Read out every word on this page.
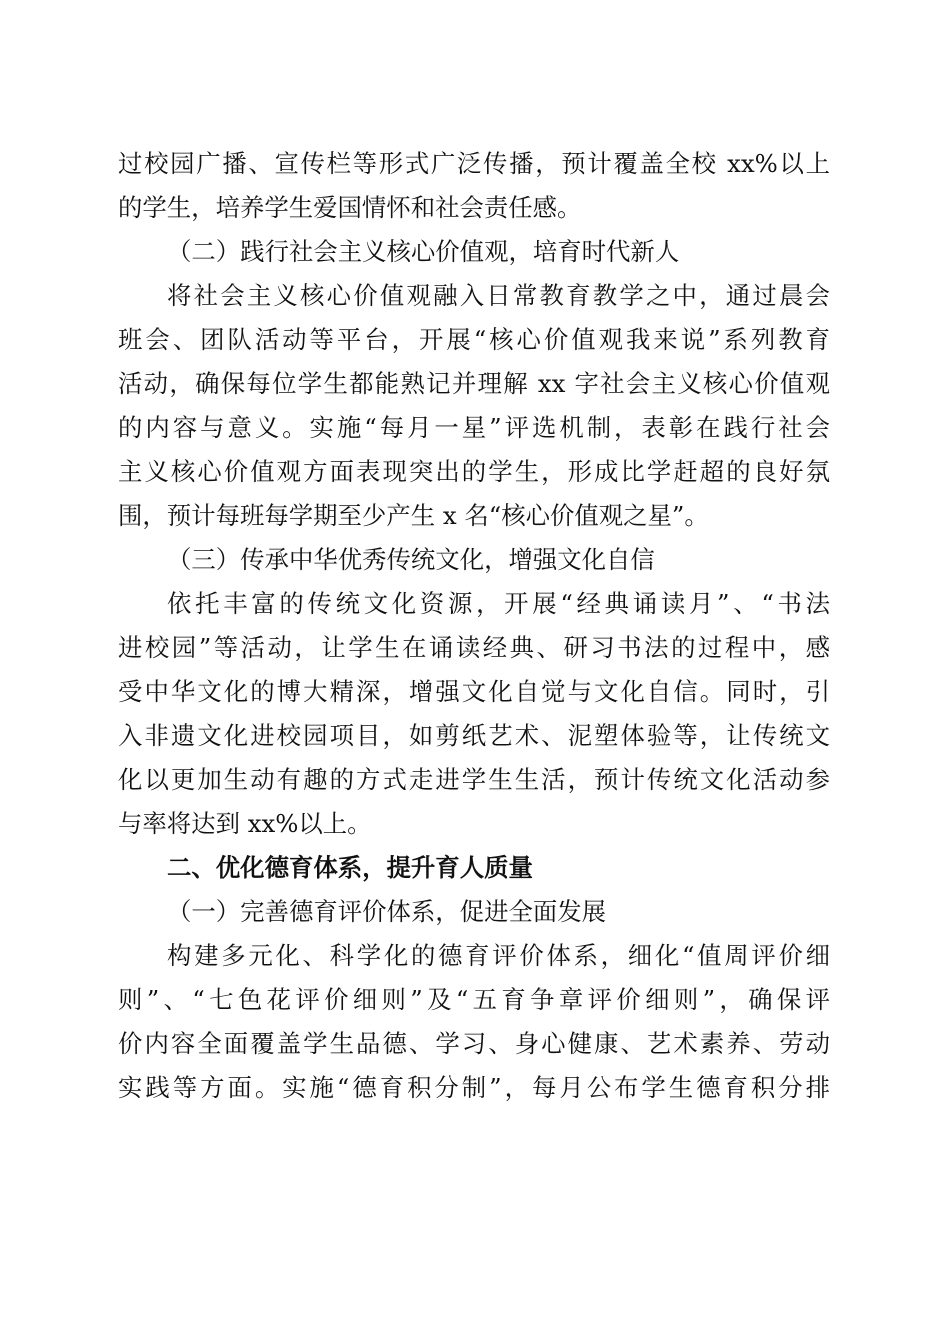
过校园广播、宣传栏等形式广泛传播，预计覆盖全校 xx%以上
的学生，培养学生爱国情怀和社会责任感。
（二）践行社会主义核心价值观，培育时代新人
将社会主义核心价值观融入日常教育教学之中，通过晨会
班会、团队活动等平台，开展“核心价值观我来说”系列教育
活动，确保每位学生都能熟记并理解 xx 字社会主义核心价值观
的内容与意义。实施“每月一星”评选机制，表彰在践行社会
主义核心价值观方面表现突出的学生，形成比学赶超的良好氛
围，预计每班每学期至少产生 x 名“核心价值观之星”。
（三）传承中华优秀传统文化，增强文化自信
依托丰富的传统文化资源，开展“经典诵读月”、“书法
进校园”等活动，让学生在诵读经典、研习书法的过程中，感
受中华文化的博大精深，增强文化自觉与文化自信。同时，引
入非遗文化进校园项目，如剪纸艺术、泥塑体验等，让传统文
化以更加生动有趣的方式走进学生生活，预计传统文化活动参
与率将达到 xx%以上。
二、优化德育体系，提升育人质量
（一）完善德育评价体系，促进全面发展
构建多元化、科学化的德育评价体系，细化“值周评价细
则”、“七色花评价细则”及“五育争章评价细则”，确保评
价内容全面覆盖学生品德、学习、身心健康、艺术素养、劳动
实践等方面。实施“德育积分制”，每月公布学生德育积分排
